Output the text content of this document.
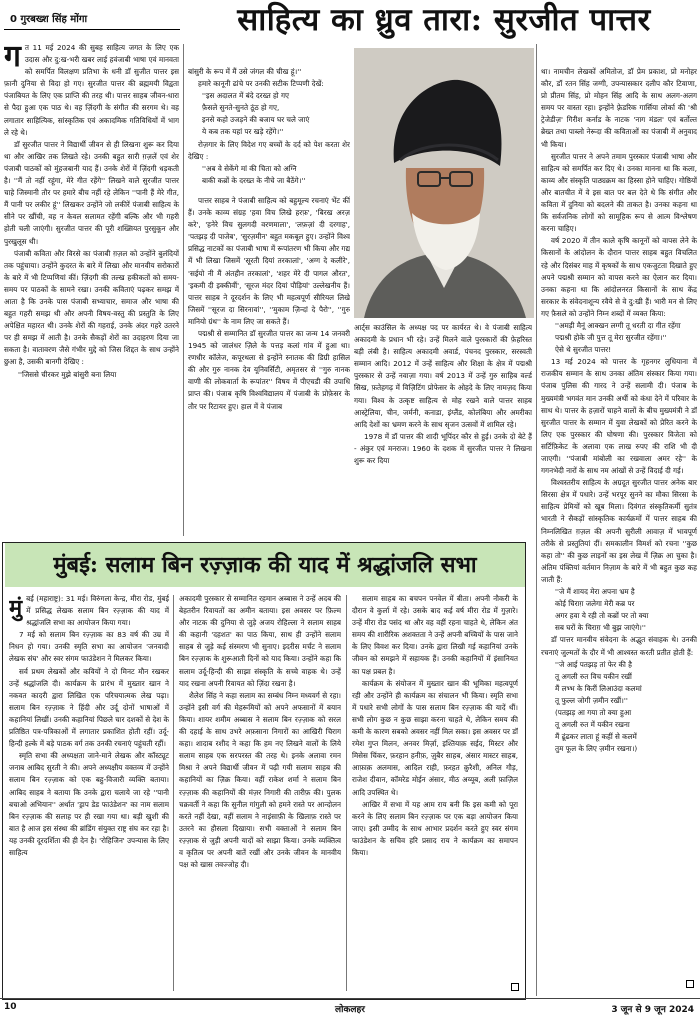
0 गुरबख्श सिंह मोंगा	साहित्य का ध्रुव तारा: सुरजीत पात्तर
ग त 11 मई 2024 की सुबह साहित्य जगत के लिए एक उदास और दु:ख-भरी खबर लाई हवंजाबी भाषा एवं मानवता को समर्पित विलक्षण प्रतिभा के धनी डॉ सुजीत पात्तर इस फ़ानी दुनिया से विदा हो गए। सुरजीत पात्तर की ब्रह्ममयी विद्वता पंजाबियत के लिए एक प्राप्ति की तरह थी। पात्तर साहब जीवन-धारा से पैदा हुआ एक पाठ थे। वह ज़िंदगी के संगीत की सरगम थे। वह लगातार साहित्यिक, सांस्कृतिक एवं अकादमिक गतिविधियों में भाग ले रहे थे।

डॉ सुरजीत पात्तर ने विद्यार्थी जीवन से ही लिखना शुरू कर दिया था और आखिर तक लिखते रहे। उनकी बहुत सारी ग़ज़लें एवं शेर पंजाबी पाठकों को मुंहजबानी याद हैं। उनके शेरों में ज़िंदगी धड़कती है। ''मैं तो नहीं रहूंगा, मेरे गीत रहेंगे'' लिखने वाले सुरजीत पात्तर चाहे जिस्मानी तौर पर हमारे बीच नहीं रहे लेकिन ''पानी हैं मेरे गीत, मैं पानी पर लकीर हूं'' लिखकर उन्होंने जो लकीरें पंजाबी साहित्य के सीने पर खींची, वह न केवल सलामत रहेंगी बल्कि और भी गहरी होती चली जाएंगी। सुरजीत पात्तर की पूरी शख्सियत पुरसुकून और पुरखुलूस थी।

पंजाबी कविता और विरसे का पंजाबी ग़ज़ल को उन्होंने बुलंदियों तक पहुंचाया। उन्होंने कुदरत के बारे में लिखा और मानवीय सरोकारों के बारे में भी टिप्पणियां कीं। ज़िंदगी की तल्ख हकीकतों को समय-समय पर पाठकों के सामने रखा। उनकी कविताएं पढ़कर समझ में आता है कि उनके पास पंजाबी सभ्याचार, समाज और भाषा की बहुत गहरी समझ थी और अपनी विषय-वस्तु की प्रस्तुति के लिए अपेक्षित महारत थी। उनके शेरों की गहराई, उनके अंदर गहरे उतरने पर ही समझ में आती है। उनके सैकड़ों शेरों का उदाहरण दिया जा सकता है। वातावरण जैसे गंभीर मुद्दे को जिस शिद्दत के साथ उन्होंने छुआ है, उसकी बानगी देखिए :

''जिससे चीरकर मुझे बांसुरी बना लिया

बांसुरी के रूप में मैं उसे जंगल की चीख हूं।''

हमारे कानूनी ढांचे पर उनकी सटीक टिप्पणी देखें:

''इस अदालत में बंदे दरख्त हो गए
फ़ैसले सुनते-सुनते ठूंठ हो गए,
इनसे कहो उजड़ने की बजाय घर चले जाएं
ये कब तक यहां पर खड़े रहेंगे।''

रोज़गार के लिए विदेश गए बच्चों के दर्द को पेश करता शेर देखिए :

''अब वे सेकेंगे मां की चिता को अग्नि
बाकी कब्रों के दरख्त के नीचे जा बैठेंगे।''

पात्तर साहब ने पंजाबी साहित्य को बहुमूल्य रचनाएं भेंट कीं हैं। उनके काव्य संग्रह 'हवा विच लिखे हरफ़', 'बिरख अरज़ करे', 'हनेरे विच सुलगदी वरणमाला', 'लफ़ज़ां दी दरगाह', 'पतझड़ दी पाजेब', 'सुरज़मीन' बहुत मकबूल हुए। उन्होंने विश्व प्रसिद्ध नाटकों का पंजाबी भाषा में रूपांतरण भी किया और गद्य में भी लिखा जिसमें 'सूरती दियां तरकालां', 'अग्ग दे कलीरे', 'सईयो नी मैं अंतहीन तरकालां', 'शहर मेरे दी पागल औरत', 'इकमी दी इक्कीवीं', 'सूरज मंदर दियां पौड़ियां' उल्लेखनीय हैं। पात्तर साहब ने दूरदर्शन के लिए भी महत्वपूर्ण सीरियल लिखे जिसमें ''सूरज दा सिरनावां'', ''मुकाम ज़िन्दां दे पैरो'', ''गुरु मानियो ग्रंथ'' के नाम लिए जा सकते हैं।

पद्मश्री से सम्मानित डॉ सुरजीत पात्तर का जन्म 14 जनवरी 1945 को जालंधर ज़िले के पत्तड़ कलां गांव में हुआ था। रणधीर कॉलेज, कपूरथला से इन्होंने स्नातक की डिग्री हासिल की और गुरु नानक देव यूनिवर्सिटी, अमृतसर से ''गुरु नानक वाणी की लोकवार्ता के रूपांतर'' विषय में पीएचडी की उपाधि प्राप्त की। पंजाब कृषि विश्वविद्यालय में पंजाबी के प्रोफ़ेसर के तौर पर रिटायर हुए। हाल में वे पंजाब

आर्ट्स काउंसिल के अध्यक्ष पद पर कार्यरत थे। वे पंजाबी साहित्य अकादमी के प्रधान भी रहे। उन्हें मिलने वाले पुरस्कारों की फ़ेहरिस्त बड़ी लंबी है। साहित्य अकादमी अवार्ड, पंचनद पुरस्कार, सरस्वती सम्मान आदि। 2012 में उन्हें साहित्य और शिक्षा के क्षेत्र में पद्मश्री पुरस्कार से उन्हें नवाज़ा गया। वर्ष 2013 में उन्हें गुरु साहिब वर्ल्ड सिख, फ़तेहगढ़ में विज़िटिंग प्रोफेसर के ओहदे के लिए नामज़द किया गया। विश्व के उत्कृष्ट साहित्य से मोह रखने वाले पात्तर साहब आस्ट्रेलिया, चीन, जर्मनी, कनाडा, इंग्लैंड, कोलंबिया और अमरीका आदि देशों का भ्रमण करने के साथ सृजन उत्सवों में शामिल रहे।

1978 में डॉ पात्तर की शादी भूपिंदर कौर से हुई। उनके दो बेटे हैं - अंकुर एवं मनराज। 1960 के दशक में सुरजीत पात्तर ने लिखना शुरू कर दिया

था। नामचीन लेखकों अमितोज, डॉ प्रेम प्रकाश, प्रो मनोहर कौर, डॉ रतन सिंह जग्गी, उपन्यासकार दलीप कौर टिवाणा, प्रो प्रीतम सिंह, प्रो मोहन सिंह आदि के साथ अलग-अलग समय पर वास्ता रहा। इन्होंने फ़्रेडरिक गार्सिया लोर्का की 'श्री ट्रेजेडीज़' गिरीश कर्नाड के नाटक 'नाग मंडल' एवं बर्तोल्त ब्रेख्त तथा पाब्लो नेरूदा की कविताओं का पंजाबी में अनुवाद भी किया।

सुरजीत पात्तर ने अपने तमाम पुरस्कार पंजाबी भाषा और साहित्य को समर्पित कर दिए थे। उनका मानना था कि कला, काव्य और संस्कृति पाठ्यक्रम का हिस्सा होने चाहिए। गोष्ठियों और बातचीत में वे इस बात पर बल देते थे कि संगीत और कविता में दुनिया को बदलने की ताकत है। उनका कहना था कि सर्वजनिक लोगों को सामूहिक रूप से आत्म विश्लेषण करना चाहिए।

वर्ष 2020 में तीन काले कृषि कानूनों को वापस लेने के किसानों के आंदोलन के दौरान पात्तर साहब बहुत विचलित रहे और दिसंबर माह में कृषकों के साथ एकजुटता दिखाते हुए अपने पद्मश्री सम्मान को वापस करने का ऐलान कर दिया। उनका कहना था कि आंदोलनरत किसानों के साथ केंद्र सरकार के संवेदनाशून्य रवैये से वे दु:खी हैं। भारी मन से लिए गए फ़ैसले को उन्होंने निम्न शब्दों में व्यक्त किया:

''अमड़ी मैनूं आक्खन लग्गी तू धरती दा गीत रहेंगा
पद्मश्री होके जी पुत्त तू मेरा सुरजीत रहेंगा।''
ऐसे थे सुरजीत पात्तर!

13 मई 2024 को पात्तर के गृहनगर लुधियाना में राजकीय सम्मान के साथ उनका अंतिम संस्कार किया गया। पंजाब पुलिस की गारद ने उन्हें सलामी दी। पंजाब के मुख्यमंत्री भगवंत मान उनकी अर्थी को कंधा देने में परिवार के साथ थे। पात्तर के हज़ारों चाहने वालों के बीच मुख्यमंत्री ने डॉ सुरजीत पात्तर के सम्मान में युवा लेखकों को प्रेरित करने के लिए एक पुरस्कार की घोषणा की। पुरस्कार विजेता को सर्टिफ़िकेट के अलावा एक लाख रुपए की राशि भी दी जाएगी। ''पंजाबी मांबोली का रखवाला अमर रहे'' के गगनभेदी नारों के साथ नम आंखों से उन्हें विदाई दी गई।

विश्वस्तरीय साहित्य के अग्रदूत सुरजीत पात्तर अनेक बार सिरसा क्षेत्र में पधारे। उन्हें भरपूर सुनने का मौका सिरसा के साहित्य प्रेमियों को खूब मिला। दिवंगत संस्कृतिकर्मी सुतंत्र भारती ने सैकड़ों सांस्कृतिक कार्यक्रमों में पात्तर साहब की निम्नलिखित ग़ज़ल की अपनी सुरीली आवाज़ में भावपूर्ण तरीके से प्रस्तुतियां दीं। समकालीन विमर्श को रचना ''कुछ कहा तो'' की कुछ लाइनों का इस लेख में ज़िक्र आ चुका है। अंतिम पंक्तियां वर्तमान निज़ाम के बारे में भी बहुत कुछ कह जाती हैं:

''जे मैं शायद मेरा अपना भ्रम है
कोई चिराग़ जलेगा मेरी कब्र पर
अगर हवा ये रही तो कब्रों पर तो क्या
सब घरों के चिराग़ भी बुझ जाएंगे।''

डॉ पात्तर मानवीय संवेदना के अद्भुत संवाहक थे। उनकी रचनाएं जुल्मतों के दौर में भी आश्वस्त करती प्रतीत होती हैं:

''जे आई पतझड़ तां फेर की है
तू अगली रुत विच यकीन रखीं
मैं लभ्भ के किरीं लिआउंदा कलमां
तू फुल्ल जोगी ज़मीन रखीं।''
(पतझड़ आ गया तो क्या हुआ
तू अगली रुत में यकीन रखना
मैं ढूंढकर लाता हूं कहीं से कलमें
तुम फूल के लिए ज़मीन रखना।)

मुंबई: सलाम बिन रज़्ज़ाक की याद में श्रद्धांजलि सभा
मुं बई (महाराष्ट्र): 31 मई। विरुंगला केन्द्र, मीरा रोड, मुंबई में प्रसिद्ध लेखक सलाम बिन रज़्ज़ाक की याद में श्रद्धांजलि सभा का आयोजन किया गया।

7 मई को सलाम बिन रज़्ज़ाक का 83 वर्ष की उम्र में निधन हो गया। उनकी स्मृति सभा का आयोजन 'जनवादी लेखक संघ' और स्वर संगम फाउंडेशन ने मिलकर किया।

सर्व प्रथम लेखकों और कवियों ने दो मिनट मौन रखकर उन्हें श्रद्धांजलि दी। कार्यक्रम के प्रारंभ में मुख्तार खान ने नकवत कादरी द्वारा लिखित एक परिचयात्मक लेख पढ़ा। सलाम बिन रज़्ज़ाक ने हिंदी और उर्दू दोनों भाषाओं में कहानियां लिखीं। उनकी कहानियां पिछले चार दशकों से देश के प्रतिष्ठित पत्र-पत्रिकाओं में लगातार प्रकाशित होती रहीं। उर्दू-हिन्दी हल्के में बड़े पाठक वर्ग तक उनकी रचनाएं पहुंचती रहीं।

स्मृति सभा की अध्यक्षता जाने-माने लेखक और कॉस्ट्यूट जनाब आबिद सुरती ने की। अपने अध्यक्षीय वक्तव्य में उन्होंने सलाम बिन रज़्ज़ाक को एक बहु-विजारी व्यक्ति बताया। आबिद साहब ने बताया कि उनके द्वारा चलाये जा रहे ''पानी बचाओ अभियान'' अर्थात 'ड्राप डेड फाउंडेशन' का नाम सलाम बिन रज़्ज़ाक की सलाह पर ही रखा गया था। बड़ी खुशी की बात है आज इस संस्था की ब्रांडिंग संयुक्त राष्ट्र संघ कर रहा है। यह उनकी दूरदर्शिता की ही देन है। 'रोहिजिन' उपन्यास के लिए साहित्य

अकादमी पुरस्कार से सम्मानित रहमान अब्बास ने उन्हें अदब की बेहतरीन रिवायतों का अमीन बताया। इस अवसर पर फ़िल्म और नाटक की दुनिया से जुड़े अजय रोहिल्ला ने सलाम साहब की कहानी 'दहशत' का पाठ किया, साथ ही उन्होंने सलाम साहब से जुड़े कई संस्मरण भी सुनाए। इदरीस मर्चंट ने सलाम बिन रज़्ज़ाक के शुरूआती दिनों को याद किया। उन्होंने कहा कि सलाम उर्दू-हिन्दी की साझा संस्कृति के सच्चे वाहक थे। उन्हें याद रखना अपनी रिवायत को ज़िंदा रखना है।

शैलेश सिंह ने कहा सलाम का सम्बंध निम्न मध्यवर्ग से रहा। उन्होंने इसी वर्ग की मेहरूमियों को अपने अफसानों में बयान किया। शायर शमीम अब्बास ने सलाम बिन रज़्ज़ाक को सरल की दहाई के साथ उभरे अफ़साना निगारों का आखिरी चिराग कहा। शादाब रशीद ने कहा कि हम नए लिखने वालों के लिये सलाम साहब एक सरपरस्त की तरह थे। इनके अलावा रमन मिश्रा ने अपने विद्यार्थी जीवन में पढ़ी गयी सलाम साहब की कहानियों का ज़िक्र किया। वहीं राकेश शर्मा ने सलाम बिन रज़्ज़ाक की कहानियों की मंज़र निगारी की तारीफ़ की। पुलक चक्रवर्ती ने कहा कि सुनील गांगुली को हमने रास्ते पर आन्दोलन करते नहीं देखा, वहीं सलाम ने नाइंसाफ़ी के खिलाफ़ रास्ते पर उतरने का हौसला दिखाया। सभी वक्ताओं ने सलाम बिन रज़्ज़ाक से जुड़ी अपनी यादों को साझा किया। उनके व्यक्तित्व व कृतित्व पर अपनी बातें रखीं और उनके जीवन के मानवीय पक्ष को खास तवज्जोह दी।

सलाम साहब का बचपन पनवेल में बीता। अपनी नौकरी के दौरान वे कुर्ला में रहे। उसके बाद कई वर्ष मीरा रोड में गुज़ारे। उन्हें मीरा रोड पसंद था और वह वहीं रहना चाहते थे, लेकिन अंत समय की शारीरिक अशक्तता ने उन्हें अपनी बच्चियों के पास जाने के लिए विवश कर दिया। उनके द्वारा लिखी गई कहानियां उनके जीवन को समझने में सहायक हैं। उनकी कहानियों में इंसानियत का पक्ष प्रबल है।

कार्यक्रम के संयोजन में मुख्तार खान की भूमिका महत्वपूर्ण रही और उन्होंने ही कार्यक्रम का संचालन भी किया। स्मृति सभा में पधारे सभी लोगों के पास सलाम बिन रज़्ज़ाक की यादें थीं। सभी लोग कुछ न कुछ साझा करना चाहते थे, लेकिन समय की कमी के कारण सबको अवसर नहीं मिल सका। इस अवसर पर डॉ रमेश गुप्त मिलन, अनवर मिर्ज़ा, इश्तियाक़ सईद, मिस्टर और मिसेस चिंकर, फ़रहान हनीफ़, ज़ुबैर साहब, अंसार मास्टर साहब, आफ़ाक़ अलमास, आदिल राही, फ़रहत क़ुरैशी, अनिल गौड़, राजेश दीवान, कॉमरेड मोईन अंसार, मीठ अय्यूब, अली फ़ाज़िल आदि उपस्थित थे।

आखिर में सभा में यह आम राय बनी कि इस कमी को पूरा करने के लिए सलाम बिन रज़्ज़ाक पर एक बड़ा आयोजन किया जाए। इसी उम्मीद के साथ आभार प्रदर्शन करते हुए स्वर संगम फाउंडेशन के सचिव हरि प्रसाद राय ने कार्यक्रम का समापन किया।

10	लोकलहर	3 जून से 9 जून 2024
